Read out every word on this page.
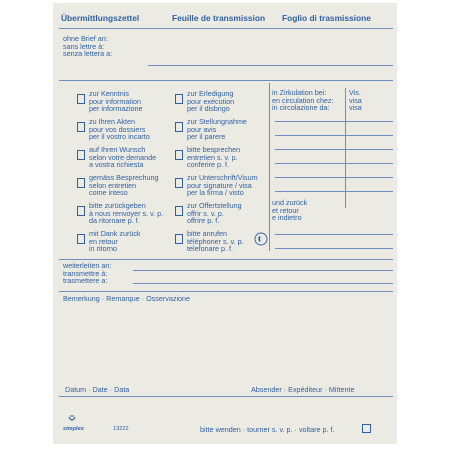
Übermittlungszettel	Feuille de transmission Foglio di trasmissione
ohne Brief an:
sans lettre à:
senza lettera a:
zur Kenntnis
pour information
per informazione
zu Ihren Akten
pour vos dossiers
per il vostro incarto
auf Ihren Wunsch
selon votre demande
a vostra richiesta
gemäss Besprechung
selon entretien
come inteso
bitte zurückgeben
à nous renvoyer s. v. p.
da ritornare p. f.
mit Dank zurück
en retour
in ritorno
zur Erledigung
pour exécution
per il disbrigo
zur Stellungnahme
pour avis
per il parere
bitte besprechen
entretien s. v. p.
conferire p. f.
zur Unterschrift/Visum
pour signature / visa
per la firma / visto
zur Offertstellung
offrir s. v. p.
offrire p. f.
bitte anrufen
téléphoner s. v. p.
telefonare p. f.
in Zirkulation bei:
en circulation chez:
in circolazione da:
Vis.
visa
visa
und zurück
et retour
e indietro
weiterleiten an:
transmettre à:
trasmettere a:
Bemerkung · Remarque · Osservazione
Datum · Date · Data	Absender · Expéditeur · Mittente
simplex	13222	bitte wenden · tourner s. v. p. · voltare p. f.
